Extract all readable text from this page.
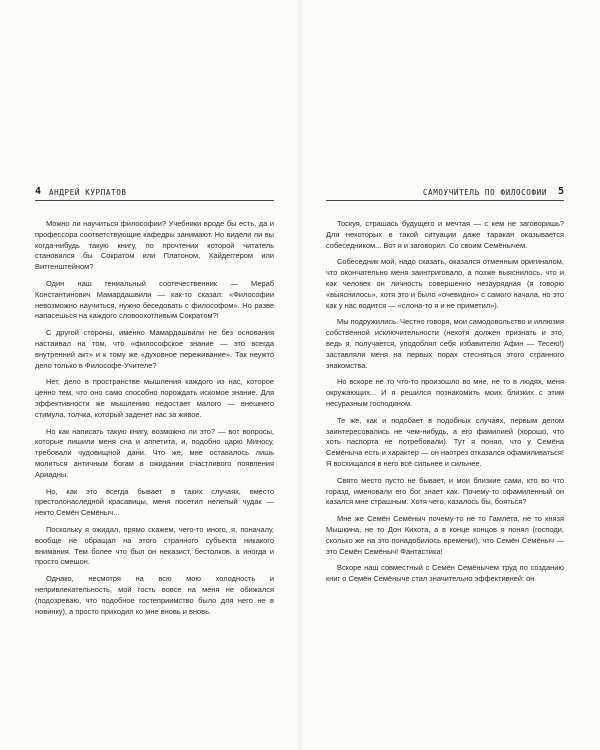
4 АНДРЕЙ КУРПАТОВ

Можно ли научиться философии? Учебники вроде бы есть, да и профессора соответствующие кафедры занимают. Но видели ли вы когда-нибудь такую книгу, по прочтении которой читатель становился бы Сократом или Платоном, Хайдеггером или Витгенштейном?

Один наш гениальный соотечественник — Мераб Константинович Мамардашвили — как-то сказал: «Философии невозможно научиться, нужно беседовать с философом». Но разве напасешься на каждого словоохотливым Сократом?!

С другой стороны, именно Мамардашвили не без основания настаивал на том, что «философское знание — это всегда внутренний акт» и к тому же «духовное переживание». Так неужто дело только в Философе-Учителе?

Нет, дело в пространстве мышления каждого из нас, которое ценно тем, что оно само способно порождать искомое знание. Для эффективности же мышлению недостает малого — внешнего стимула, толчка, который заденет нас за живое.

Но как написать такую книгу, возможно ли это? — вот вопросы, которые лишили меня сна и аппетита, и, подобно царю Миносу, требовали чудовищной дани. Что же, мне оставалось лишь молиться античным богам в ожидании счастливого появления Ариадны.

Но, как это всегда бывает в таких случаях, вместо престолонаследной красавицы, меня посетил нелепый чудак — некто Семён Семёныч...

Поскольку я ожидал, прямо скажем, чего-то иного, я, поначалу, вообще не обращал на этого странного субъекта никакого внимания. Тем более что был он неказист, бестолков, а иногда и просто смешон.

Однако, несмотря на всю мою холодность и непривлекательность, мой гость вовсе на меня не обижался (подозреваю, что подобное гостеприимство было для него не в новинку), а просто приходил ко мне вновь и вновь.

САМОУЧИТЕЛЬ ПО ФИЛОСОФИИ 5

Тоскуя, страшась будущего и мечтая — с кем не заговоришь? Для некоторых в такой ситуации даже таракан оказывается собеседником... Вот я и заговорил. Со своим Семёнычем.

Собеседник мой, надо сказать, оказался отменным оригиналом, что окончательно меня заинтриговало, а позже выяснилось, что и как человек он личность совершенно незаурядная (я говорю «выяснилось», хотя это и было «очевидно» с самого начала, но это как у нас водится — «слона-то я и не приметил»).

Мы подружились. Честно говоря, мои самодовольство и иллюзия собственной исключительности (нехотя должен признать и это, ведь я, получается, уподоблял себя избавителю Афин — Тесею!) заставляли меня на первых порах стесняться этого странного знакомства.

Но вскоре не то что-то произошло во мне, не то в людях, меня окружающих... И я решился познакомить моих близких с этим несуразным господином.

Те же, как и подобает в подобных случаях, первым делом заинтересовались не чем-нибудь, а его фамилией (хорошо, что хоть паспорта не потребовали). Тут я понял, что у Семёна Семёныча есть и характер — он наотрез отказался офамиливаться! Я восхищался в него всё сильнее и сильнее.

Свято место пусто не бывает, и мои близкие сами, кто во что горазд, именовали его бог знает как. Почему-то офамиленный он казался мне страшным. Хотя чего, казалось бы, бояться?

Мне же Семён Семёныч почему-то не то Гамлета, не то князя Мышкина, не то Дон Кихота, а в конце концов я понял (господи, сколько же на это понадобилось времени!), что Семён Семёныч — это Семён Семёныч! Фантастика!

Вскоре наш совместный с Семён Семёнычем труд по созданию книг о Семён Семёныче стал значительно эффективней: он
